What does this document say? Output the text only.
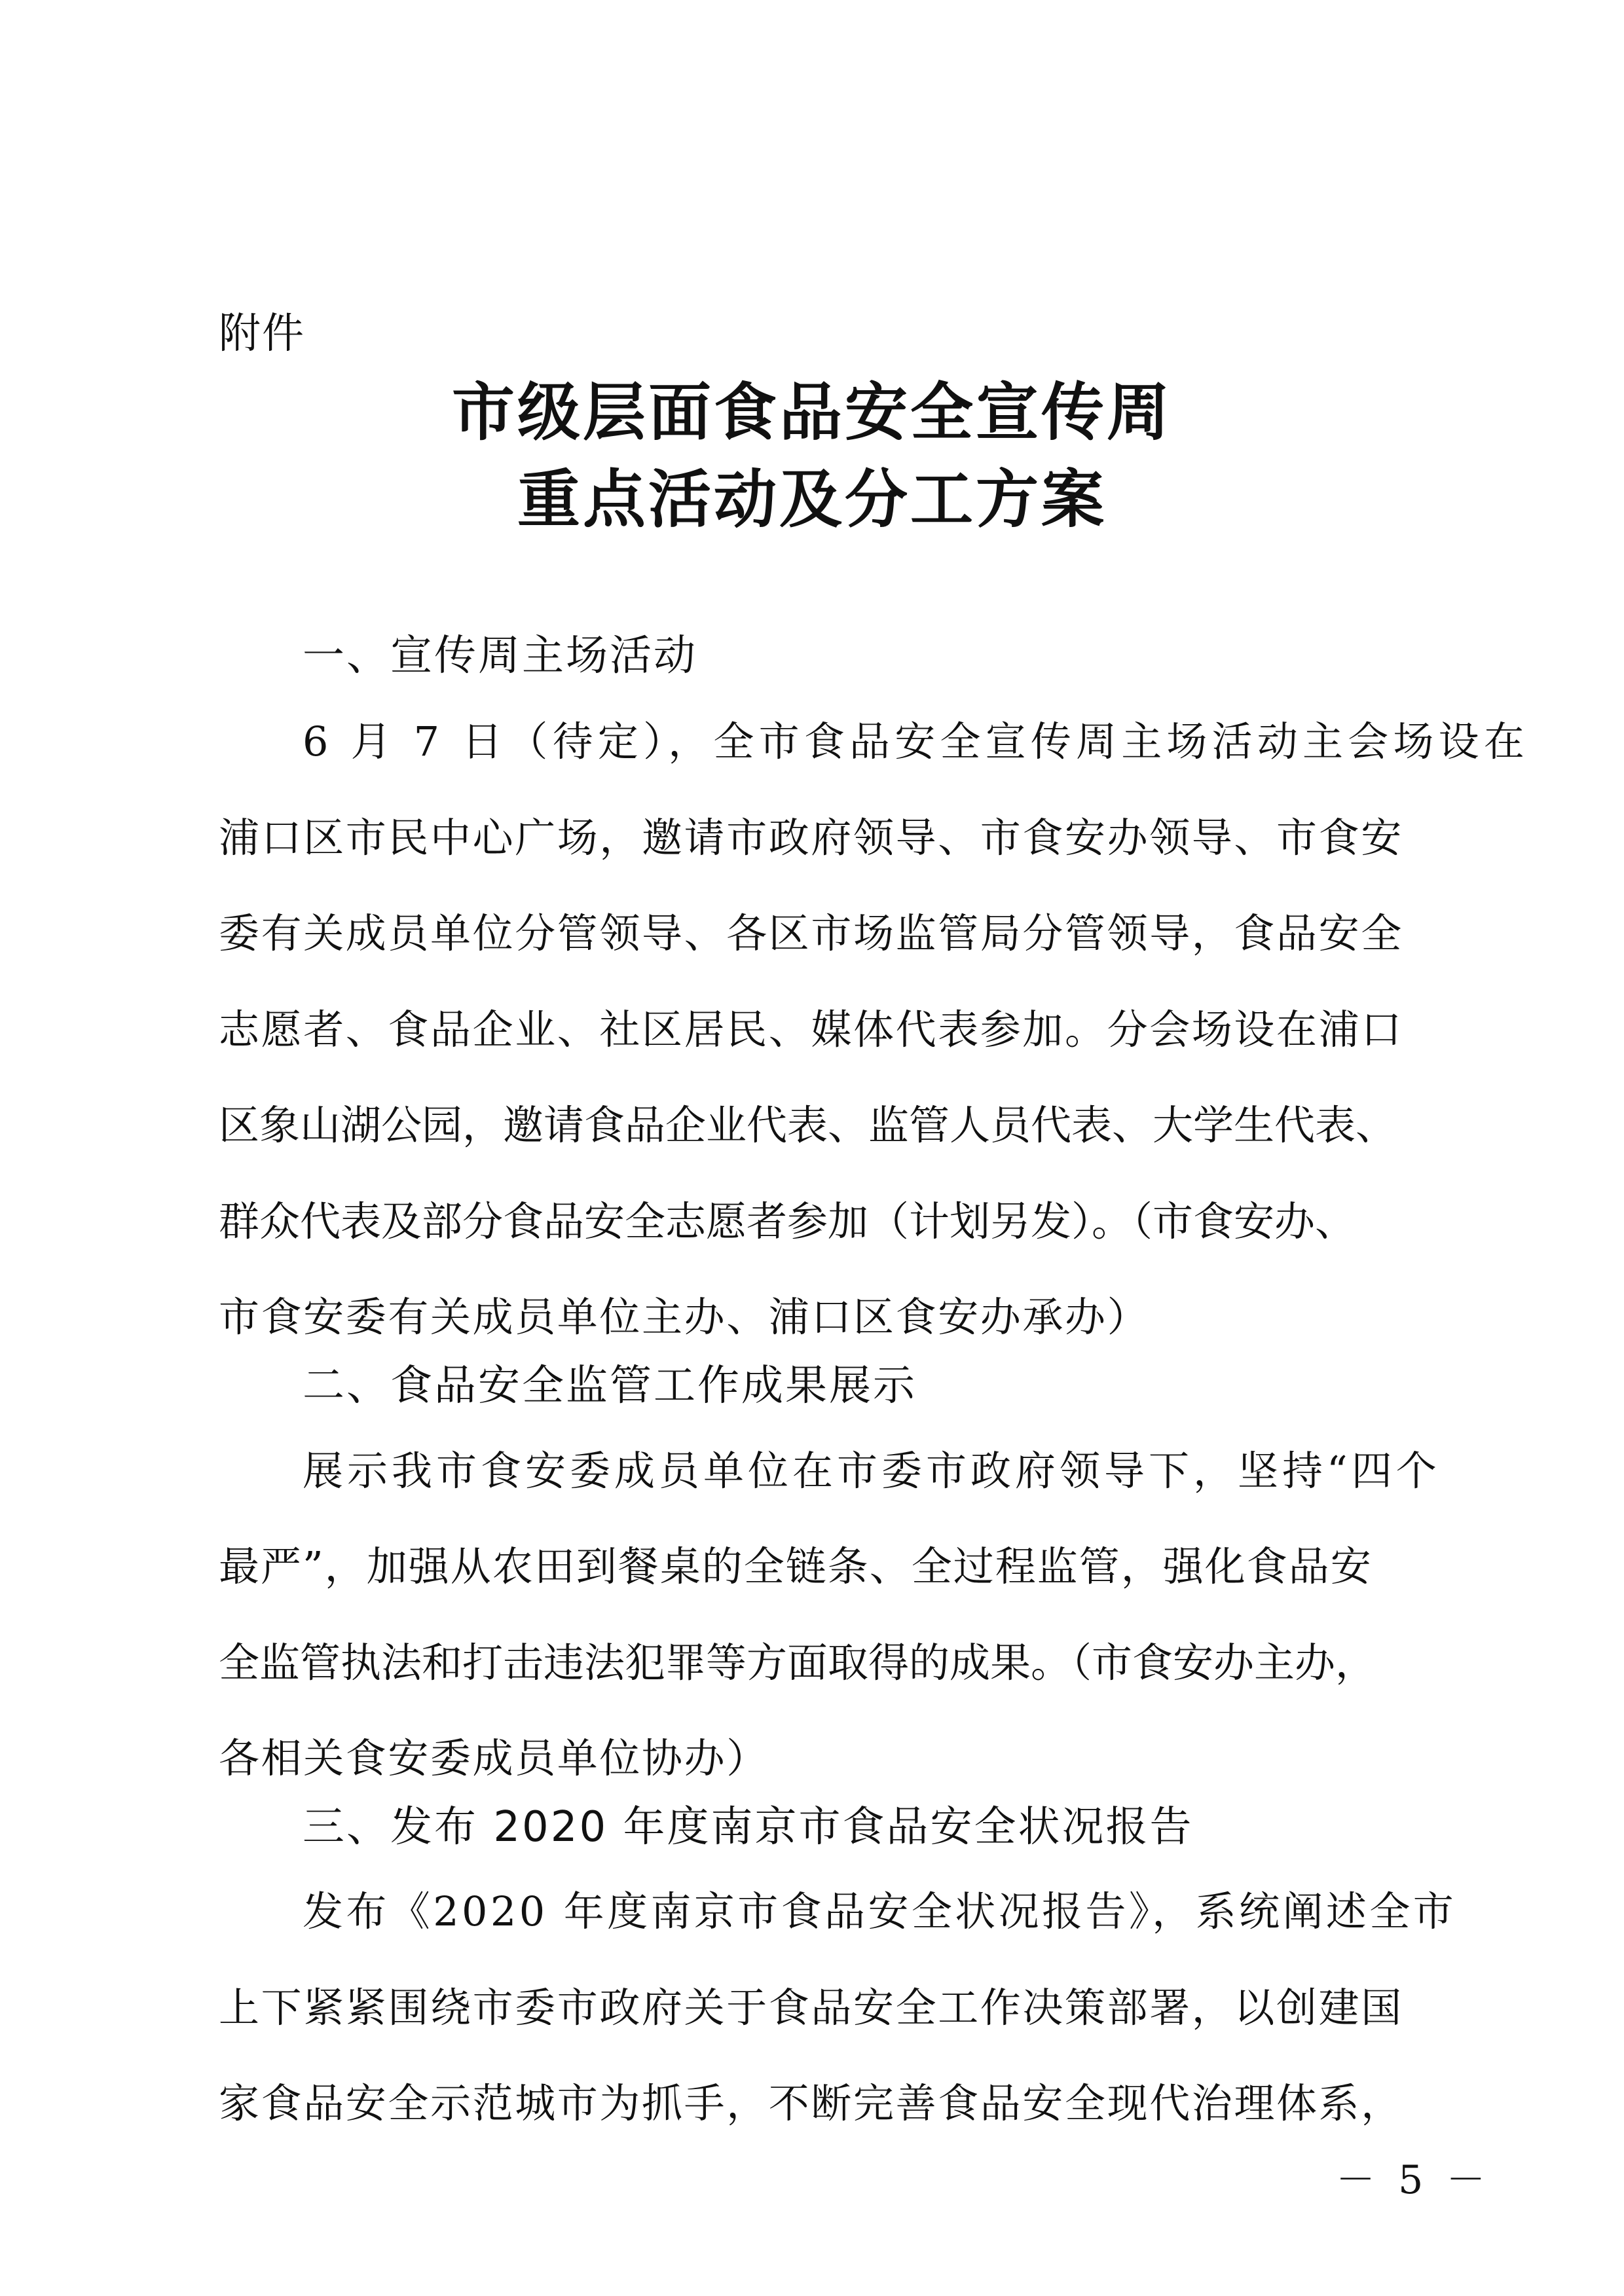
附件
市级层面食品安全宣传周
重点活动及分工方案
一、宣传周主场活动
6 月 7 日（待定），全市食品安全宣传周主场活动主会场设在
浦口区市民中心广场，邀请市政府领导、市食安办领导、市食安
委有关成员单位分管领导、各区市场监管局分管领导，食品安全
志愿者、食品企业、社区居民、媒体代表参加。分会场设在浦口
区象山湖公园，邀请食品企业代表、监管人员代表、大学生代表、
群众代表及部分食品安全志愿者参加（计划另发）。（市食安办、
市食安委有关成员单位主办、浦口区食安办承办）
二、食品安全监管工作成果展示
展示我市食安委成员单位在市委市政府领导下，坚持“四个
最严”，加强从农田到餐桌的全链条、全过程监管，强化食品安
全监管执法和打击违法犯罪等方面取得的成果。（市食安办主办，
各相关食安委成员单位协办）
三、发布 2020 年度南京市食品安全状况报告
发布《2020 年度南京市食品安全状况报告》，系统阐述全市
上下紧紧围绕市委市政府关于食品安全工作决策部署，以创建国
家食品安全示范城市为抓手，不断完善食品安全现代治理体系，
－ 5 －
